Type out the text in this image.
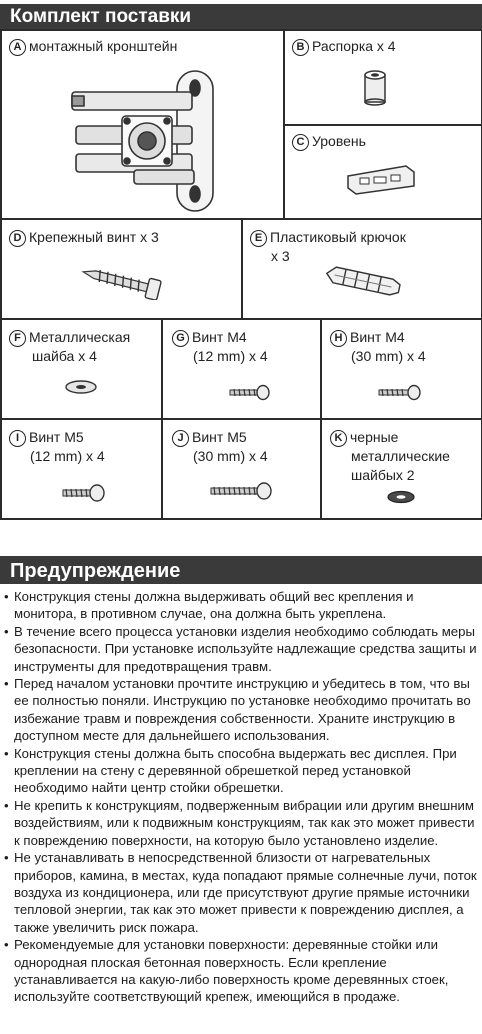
Комплект поставки
A монтажный кронштейн	B Распорка x 4
C Уровень
D Крепежный винт x 3	E Пластиковый крючок
x 3
F Металлическая
шайба x 4
G Винт M4
(12 mm) x 4
H Винт M4
(30 mm) x 4
I Винт M5
(12 mm) x 4
J Винт M5
(30 mm) x 4
K черные
металлические
шайбых 2
Предупреждение
• Конструкция стены должна выдерживать общий вес крепления и монитора, в противном случае, она должна быть укреплена.
• В течение всего процесса установки изделия необходимо соблюдать меры безопасности. При установке используйте надлежащие средства защиты и инструменты для предотвращения травм.
• Перед началом установки прочтите инструкцию и убедитесь в том, что вы ее полностью поняли. Инструкцию по установке необходимо прочитать во избежание травм и повреждения собственности. Храните инструкцию в доступном месте для дальнейшего использования.
• Конструкция стены должна быть способна выдержать вес дисплея. При креплении на стену с деревянной обрешеткой перед установкой необходимо найти центр стойки обрешетки.
• Не крепить к конструкциям, подверженным вибрации или другим внешним воздействиям, или к подвижным конструкциям, так как это может привести к повреждению поверхности, на которую было установлено изделие.
• Не устанавливать в непосредственной близости от нагревательных приборов, камина, в местах, куда попадают прямые солнечные лучи, поток воздуха из кондиционера, или где присутствуют другие прямые источники тепловой энергии, так как это может привести к повреждению дисплея, а также увеличить риск пожара.
• Рекомендуемые для установки поверхности: деревянные стойки или однородная плоская бетонная поверхность. Если крепление устанавливается на какую-либо поверхность кроме деревянных стоек, используйте соответствующий крепеж, имеющийся в продаже.
